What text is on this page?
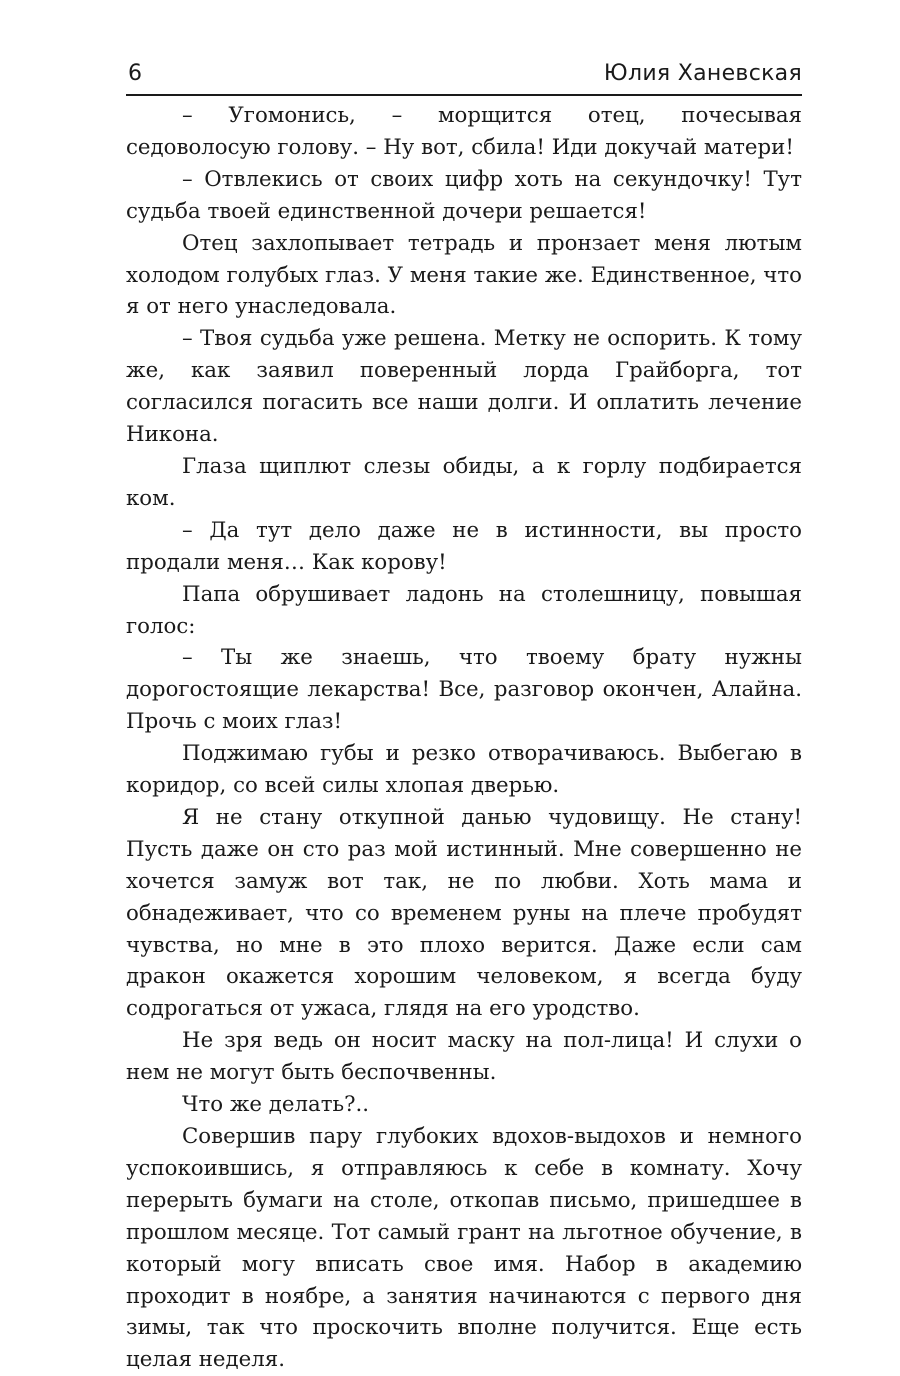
6	Юлия Ханевская

– Угомонись, – морщится отец, почесывая седоволосую голову. – Ну вот, сбила! Иди докучай матери!

– Отвлекись от своих цифр хоть на секундочку! Тут судьба твоей единственной дочери решается!

Отец захлопывает тетрадь и пронзает меня лютым холодом голубых глаз. У меня такие же. Единственное, что я от него унаследовала.

– Твоя судьба уже решена. Метку не оспорить. К тому же, как заявил поверенный лорда Грайборга, тот согласился погасить все наши долги. И оплатить лечение Никона.

Глаза щиплют слезы обиды, а к горлу подбирается ком.

– Да тут дело даже не в истинности, вы просто продали меня… Как корову!

Папа обрушивает ладонь на столешницу, повышая голос:

– Ты же знаешь, что твоему брату нужны дорогостоящие лекарства! Все, разговор окончен, Алайна. Прочь с моих глаз!

Поджимаю губы и резко отворачиваюсь. Выбегаю в коридор, со всей силы хлопая дверью.

Я не стану откупной данью чудовищу. Не стану! Пусть даже он сто раз мой истинный. Мне совершенно не хочется замуж вот так, не по любви. Хоть мама и обнадеживает, что со временем руны на плече пробудят чувства, но мне в это плохо верится. Даже если сам дракон окажется хорошим человеком, я всегда буду содрогаться от ужаса, глядя на его уродство.

Не зря ведь он носит маску на пол-лица! И слухи о нем не могут быть беспочвенны.

Что же делать?..

Совершив пару глубоких вдохов-выдохов и немного успокоившись, я отправляюсь к себе в комнату. Хочу перерыть бумаги на столе, откопав письмо, пришедшее в прошлом месяце. Тот самый грант на льготное обучение, в который могу вписать свое имя. Набор в академию проходит в ноябре, а занятия начинаются с первого дня зимы, так что проскочить вполне получится. Еще есть целая неделя.
